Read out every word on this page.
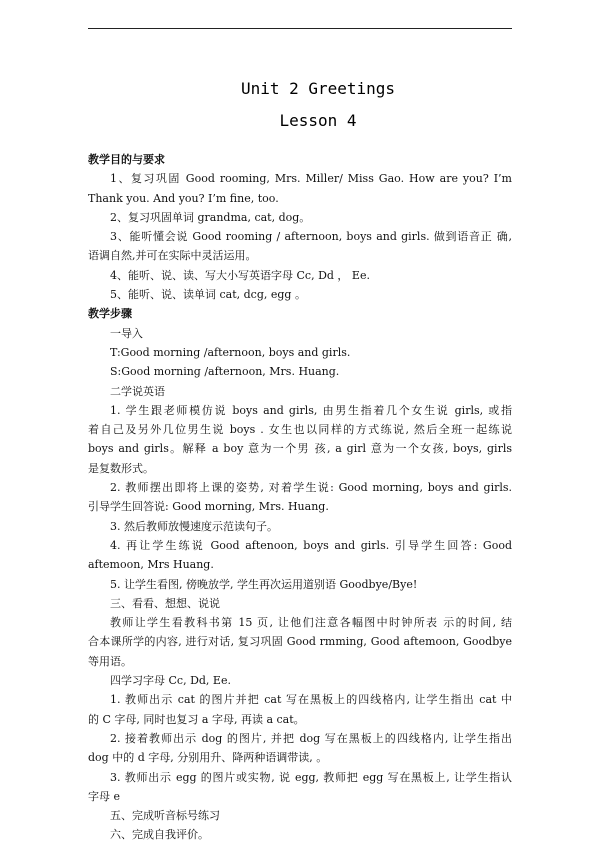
Unit 2 Greetings
Lesson 4
教学目的与要求
1、复习巩固 Good rooming, Mrs. Miller/ Miss Gao. How are you? I’m
Thank you. And you? I’m fine, too.
2、复习巩固单词 grandma, cat, dog。
3、能听懂会说 Good rooming / afternoon, boys and girls. 做到语音正 确,
语调自然,并可在实际中灵活运用。
4、能听、说、读、写大小写英语字母 Cc, Dd ， Ee.
5、能听、说、读单词 cat, dcg, egg 。
教学步骤
一导入
T:Good morning /afternoon, boys and girls.
S:Good morning /afternoon, Mrs. Huang.
二学说英语
1. 学生跟老师模仿说 boys and girls, 由男生指着几个女生说 girls, 或指
着自己及另外几位男生说 boys . 女生也以同样的方式练说, 然后全班一起练说
boys and girls。解释 a boy 意为一个男 孩, a girl 意为一个女孩, boys, girls
是复数形式。
2. 教师摆出即将上课的姿势, 对着学生说: Good morning, boys and girls.
引导学生回答说: Good morning, Mrs. Huang.
3. 然后教师放慢速度示范读句子。
4. 再让学生练说 Good aftenoon, boys and girls. 引导学生回答: Good
aftemoon, Mrs Huang.
5. 让学生看图, 傍晚放学, 学生再次运用道别语 Goodbye/Bye!
三、看看、想想、说说
教师让学生看教科书第 15 页, 让他们注意各幅图中时钟所表 示的时间, 结
合本课所学的内容, 进行对话, 复习巩固 Good rmming, Good aftemoon, Goodbye
等用语。
四学习字母 Cc, Dd, Ee.
1. 教师出示 cat 的图片并把 cat 写在黑板上的四线格内, 让学生指出 cat 中
的 C 字母, 同时也复习 a 字母, 再读 a cat。
2. 接着教师出示 dog 的图片, 并把 dog 写在黑板上的四线格内, 让学生指出
dog 中的 d 字母, 分别用升、降两种语调带读, 。
3. 教师出示 egg 的图片或实物, 说 egg, 教师把 egg 写在黑板上, 让学生指认
字母 e
五、完成听音标号练习
六、完成自我评价。
